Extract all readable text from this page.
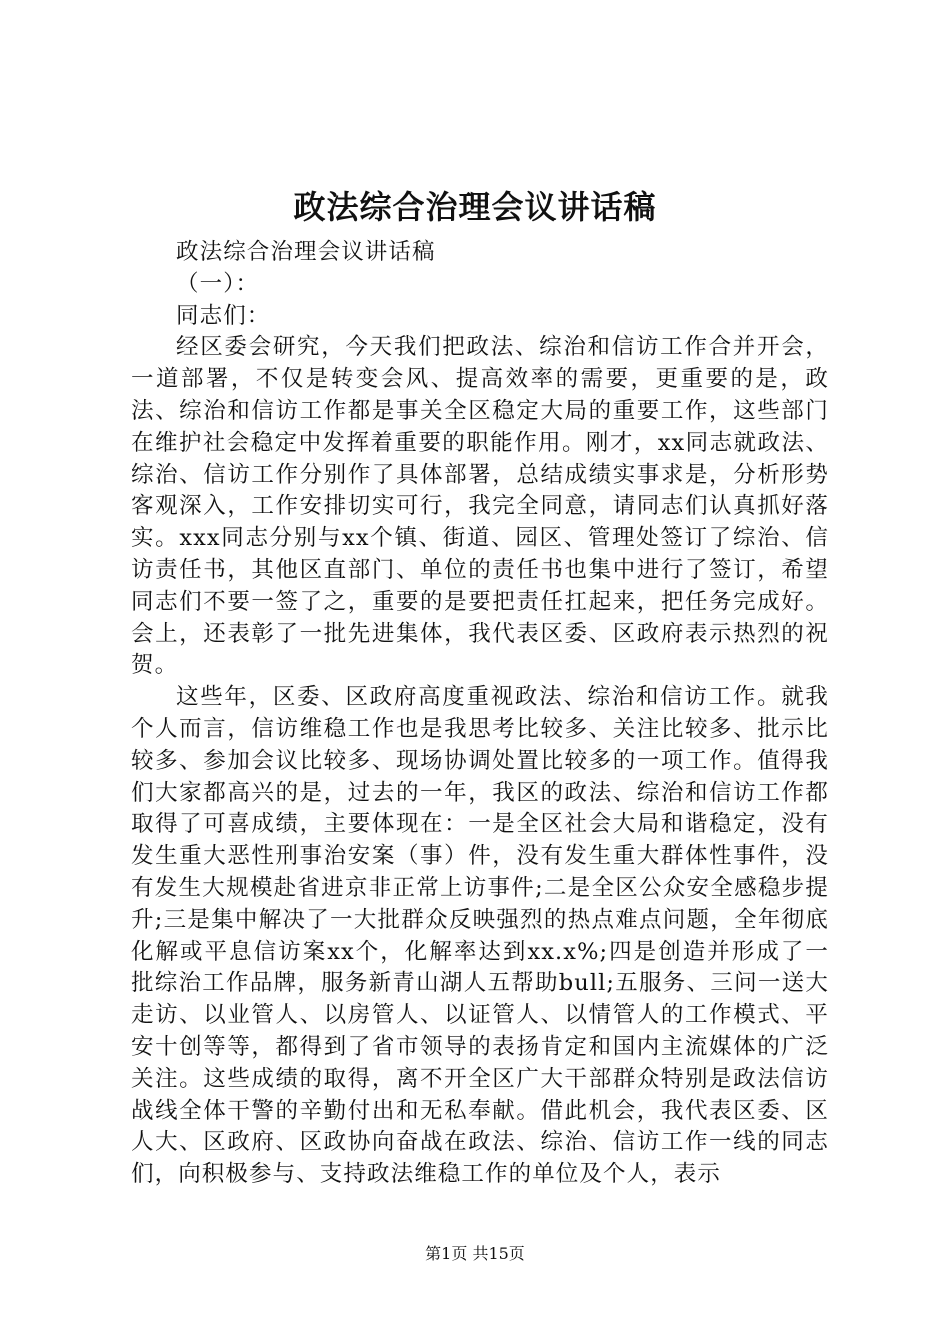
政法综合治理会议讲话稿

政法综合治理会议讲话稿

（一）：

同志们：

经区委会研究，今天我们把政法、综治和信访工作合并开会，一道部署，不仅是转变会风、提高效率的需要，更重要的是，政法、综治和信访工作都是事关全区稳定大局的重要工作，这些部门在维护社会稳定中发挥着重要的职能作用。刚才，xx同志就政法、综治、信访工作分别作了具体部署，总结成绩实事求是，分析形势客观深入，工作安排切实可行，我完全同意，请同志们认真抓好落实。xxx同志分别与xx个镇、街道、园区、管理处签订了综治、信访责任书，其他区直部门、单位的责任书也集中进行了签订，希望同志们不要一签了之，重要的是要把责任扛起来，把任务完成好。会上，还表彰了一批先进集体，我代表区委、区政府表示热烈的祝贺。

这些年，区委、区政府高度重视政法、综治和信访工作。就我个人而言，信访维稳工作也是我思考比较多、关注比较多、批示比较多、参加会议比较多、现场协调处置比较多的一项工作。值得我们大家都高兴的是，过去的一年，我区的政法、综治和信访工作都取得了可喜成绩，主要体现在：一是全区社会大局和谐稳定，没有发生重大恶性刑事治安案（事）件，没有发生重大群体性事件，没有发生大规模赴省进京非正常上访事件;二是全区公众安全感稳步提升;三是集中解决了一大批群众反映强烈的热点难点问题，全年彻底化解或平息信访案xx个，化解率达到xx.x%;四是创造并形成了一批综治工作品牌，服务新青山湖人五帮助bull;五服务、三问一送大走访、以业管人、以房管人、以证管人、以情管人的工作模式、平安十创等等，都得到了省市领导的表扬肯定和国内主流媒体的广泛关注。这些成绩的取得，离不开全区广大干部群众特别是政法信访战线全体干警的辛勤付出和无私奉献。借此机会，我代表区委、区人大、区政府、区政协向奋战在政法、综治、信访工作一线的同志们，向积极参与、支持政法维稳工作的单位及个人，表示

第1页 共15页
